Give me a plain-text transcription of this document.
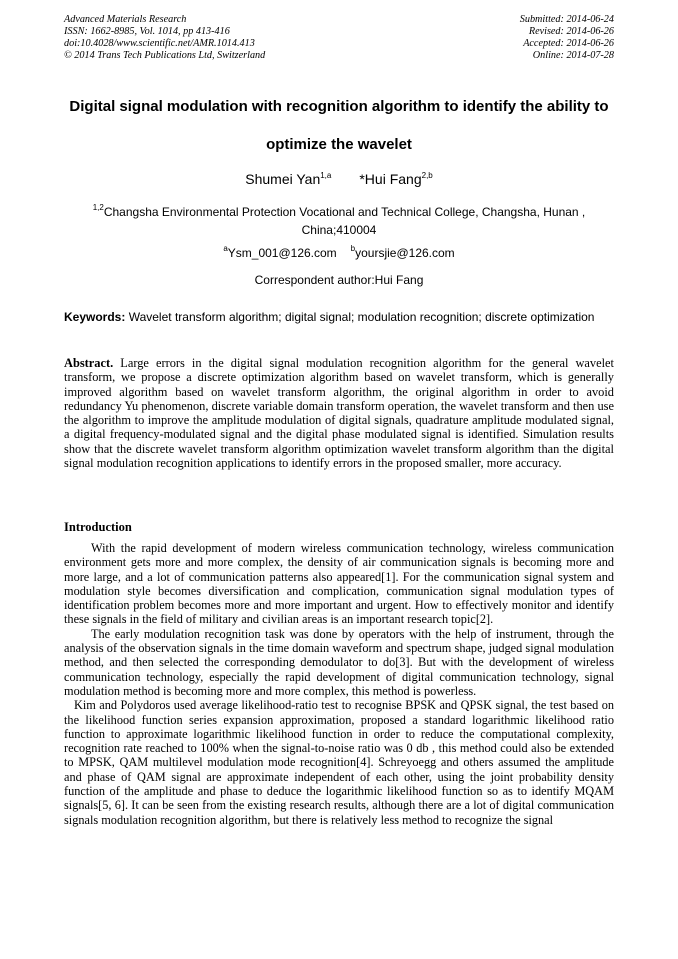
Advanced Materials Research
ISSN: 1662-8985, Vol. 1014, pp 413-416
doi:10.4028/www.scientific.net/AMR.1014.413
© 2014 Trans Tech Publications Ltd, Switzerland
Submitted: 2014-06-24
Revised: 2014-06-26
Accepted: 2014-06-26
Online: 2014-07-28
Digital signal modulation with recognition algorithm to identify the ability to optimize the wavelet
Shumei Yan$^{1,a}$ *Hui Fang$^{2,b}$
$^{1,2}$Changsha Environmental Protection Vocational and Technical College, Changsha, Hunan , China;410004
$^a$Ysm_001@126.com $^b$yoursjie@126.com
Correspondent author:Hui Fang
Keywords: Wavelet transform algorithm; digital signal; modulation recognition; discrete optimization

Abstract. Large errors in the digital signal modulation recognition algorithm for the general wavelet transform, we propose a discrete optimization algorithm based on wavelet transform, which is generally improved algorithm based on wavelet transform algorithm, the original algorithm in order to avoid redundancy Yu phenomenon, discrete variable domain transform operation, the wavelet transform and then use the algorithm to improve the amplitude modulation of digital signals, quadrature amplitude modulated signal, a digital frequency-modulated signal and the digital phase modulated signal is identified. Simulation results show that the discrete wavelet transform algorithm optimization wavelet transform algorithm than the digital signal modulation recognition applications to identify errors in the proposed smaller, more accuracy.

Introduction

With the rapid development of modern wireless communication technology, wireless communication environment gets more and more complex, the density of air communication signals is becoming more and more large, and a lot of communication patterns also appeared[1]. For the communication signal system and modulation style becomes diversification and complication, communication signal modulation types of identification problem becomes more and more important and urgent. How to effectively monitor and identify these signals in the field of military and civilian areas is an important research topic[2].

The early modulation recognition task was done by operators with the help of instrument, through the analysis of the observation signals in the time domain waveform and spectrum shape, judged signal modulation method, and then selected the corresponding demodulator to do[3]. But with the development of wireless communication technology, especially the rapid development of digital communication technology, signal modulation method is becoming more and more complex, this method is powerless.

Kim and Polydoros used average likelihood-ratio test to recognise BPSK and QPSK signal, the test based on the likelihood function series expansion approximation, proposed a standard logarithmic likelihood ratio function to approximate logarithmic likelihood function in order to reduce the computational complexity, recognition rate reached to 100% when the signal-to-noise ratio was 0 db , this method could also be extended to MPSK, QAM multilevel modulation mode recognition[4]. Schreyoegg and others assumed the amplitude and phase of QAM signal are approximate independent of each other, using the joint probability density function of the amplitude and phase to deduce the logarithmic likelihood function so as to identify MQAM signals[5, 6]. It can be seen from the existing research results, although there are a lot of digital communication signals modulation recognition algorithm, but there is relatively less method to recognize the signal
